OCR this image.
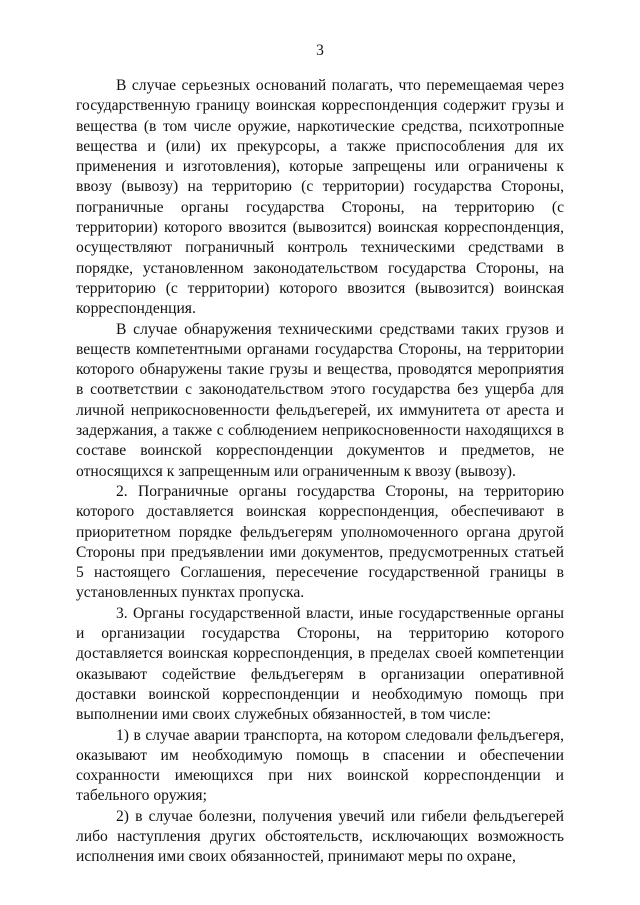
3

В случае серьезных оснований полагать, что перемещаемая через государственную границу воинская корреспонденция содержит грузы и вещества (в том числе оружие, наркотические средства, психотропные вещества и (или) их прекурсоры, а также приспособления для их применения и изготовления), которые запрещены или ограничены к ввозу (вывозу) на территорию (с территории) государства Стороны, пограничные органы государства Стороны, на территорию (с территории) которого ввозится (вывозится) воинская корреспонденция, осуществляют пограничный контроль техническими средствами в порядке, установленном законодательством государства Стороны, на территорию (с территории) которого ввозится (вывозится) воинская корреспонденция.

В случае обнаружения техническими средствами таких грузов и веществ компетентными органами государства Стороны, на территории которого обнаружены такие грузы и вещества, проводятся мероприятия в соответствии с законодательством этого государства без ущерба для личной неприкосновенности фельдъегерей, их иммунитета от ареста и задержания, а также с соблюдением неприкосновенности находящихся в составе воинской корреспонденции документов и предметов, не относящихся к запрещенным или ограниченным к ввозу (вывозу).

2. Пограничные органы государства Стороны, на территорию которого доставляется воинская корреспонденция, обеспечивают в приоритетном порядке фельдъегерям уполномоченного органа другой Стороны при предъявлении ими документов, предусмотренных статьей 5 настоящего Соглашения, пересечение государственной границы в установленных пунктах пропуска.

3. Органы государственной власти, иные государственные органы и организации государства Стороны, на территорию которого доставляется воинская корреспонденция, в пределах своей компетенции оказывают содействие фельдъегерям в организации оперативной доставки воинской корреспонденции и необходимую помощь при выполнении ими своих служебных обязанностей, в том числе:

1) в случае аварии транспорта, на котором следовали фельдъегеря, оказывают им необходимую помощь в спасении и обеспечении сохранности имеющихся при них воинской корреспонденции и табельного оружия;

2) в случае болезни, получения увечий или гибели фельдъегерей либо наступления других обстоятельств, исключающих возможность исполнения ими своих обязанностей, принимают меры по охране,
